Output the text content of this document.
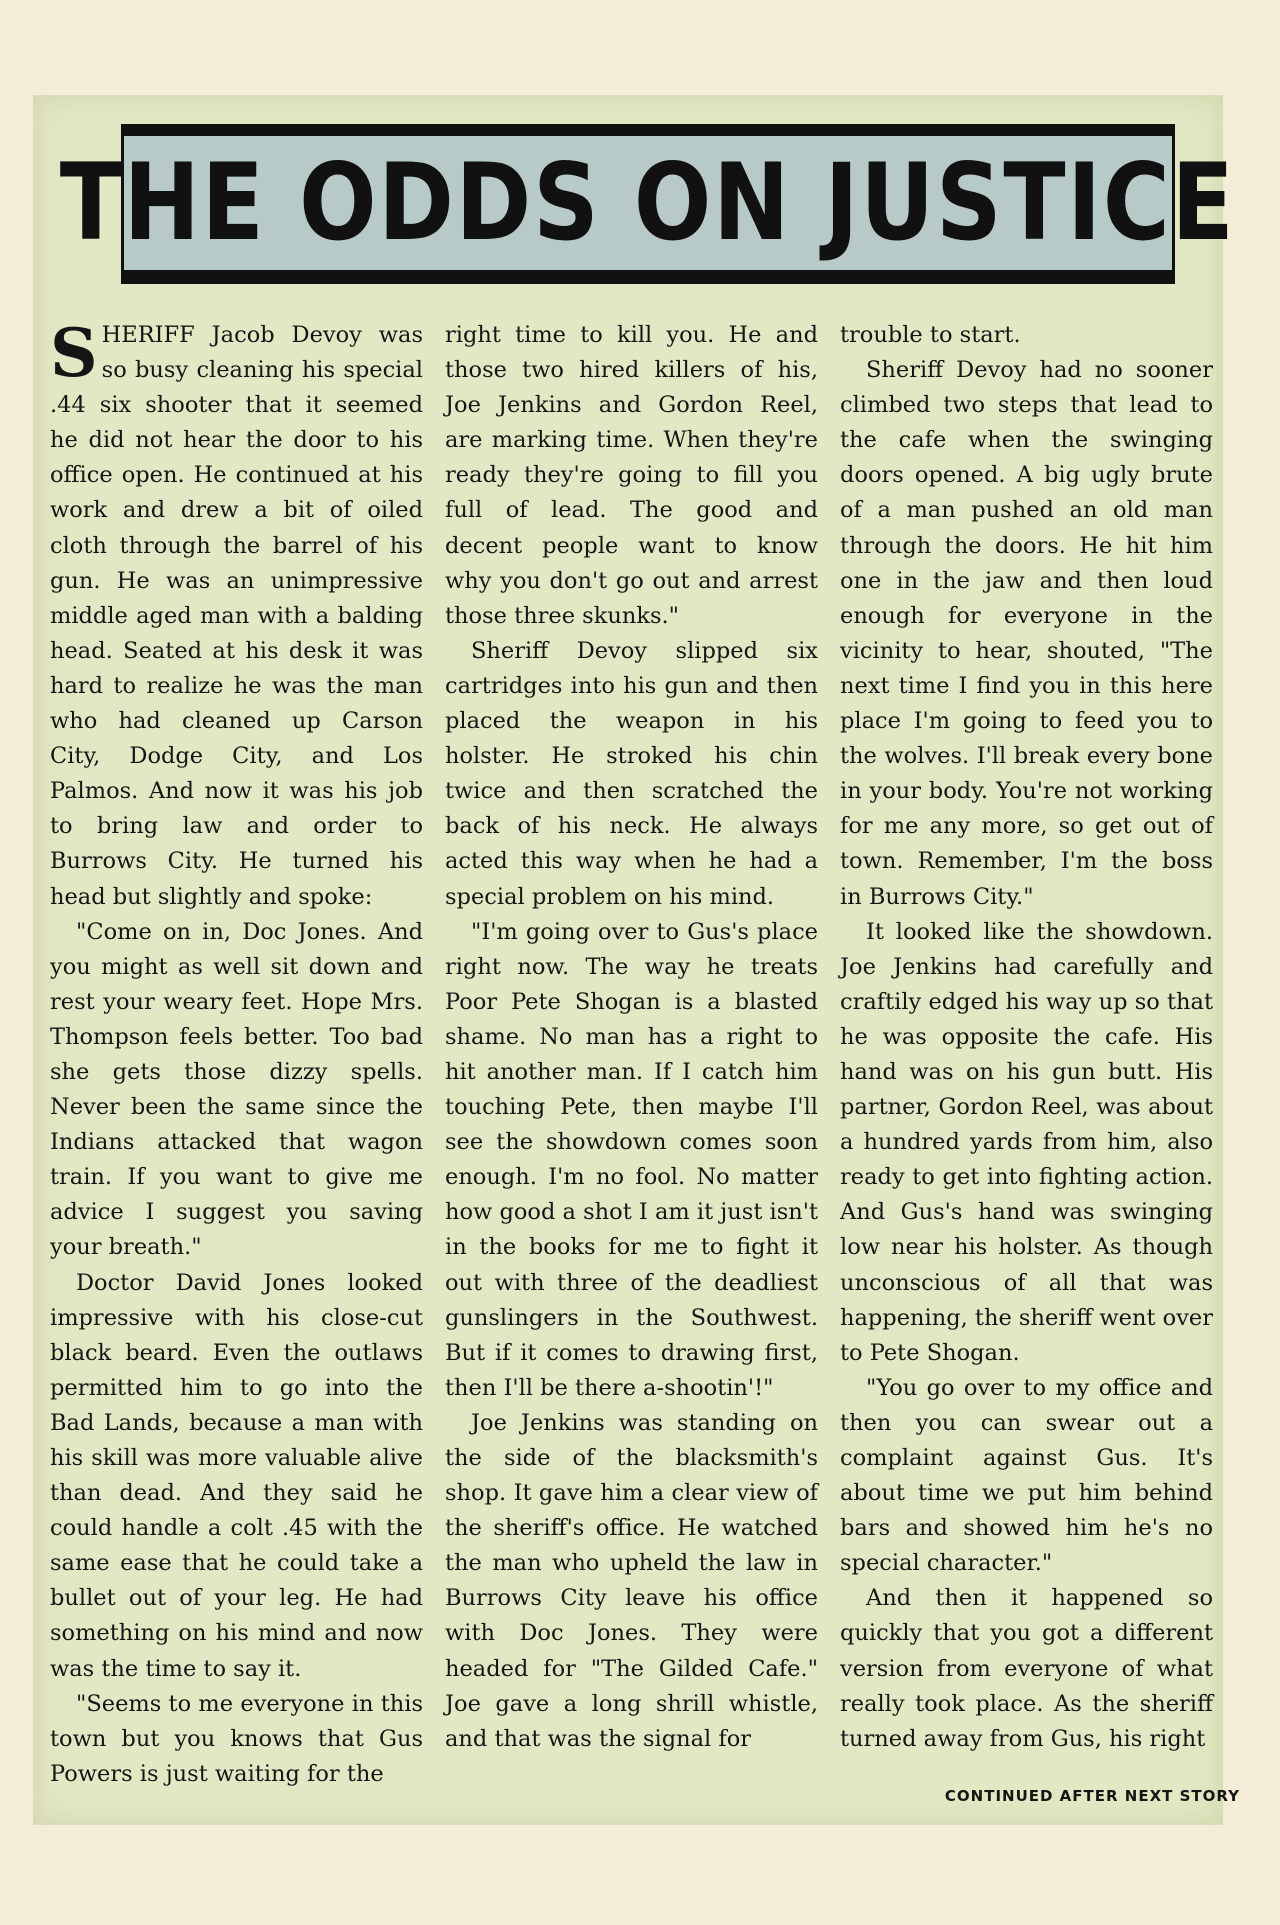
THE ODDS ON JUSTICE

SHERIFF Jacob Devoy was so busy cleaning his special .44 six shooter that it seemed he did not hear the door to his office open. He continued at his work and drew a bit of oiled cloth through the barrel of his gun. He was an unimpressive middle aged man with a balding head. Seated at his desk it was hard to realize he was the man who had cleaned up Carson City, Dodge City, and Los Palmos. And now it was his job to bring law and order to Burrows City. He turned his head but slightly and spoke:

"Come on in, Doc Jones. And you might as well sit down and rest your weary feet. Hope Mrs. Thompson feels better. Too bad she gets those dizzy spells. Never been the same since the Indians attacked that wagon train. If you want to give me advice I suggest you saving your breath."

Doctor David Jones looked impressive with his close-cut black beard. Even the outlaws permitted him to go into the Bad Lands, because a man with his skill was more valuable alive than dead. And they said he could handle a colt .45 with the same ease that he could take a bullet out of your leg. He had something on his mind and now was the time to say it.

"Seems to me everyone in this town but you knows that Gus Powers is just waiting for the

right time to kill you. He and those two hired killers of his, Joe Jenkins and Gordon Reel, are marking time. When they're ready they're going to fill you full of lead. The good and decent people want to know why you don't go out and arrest those three skunks."

Sheriff Devoy slipped six cartridges into his gun and then placed the weapon in his holster. He stroked his chin twice and then scratched the back of his neck. He always acted this way when he had a special problem on his mind.

"I'm going over to Gus's place right now. The way he treats Poor Pete Shogan is a blasted shame. No man has a right to hit another man. If I catch him touching Pete, then maybe I'll see the showdown comes soon enough. I'm no fool. No matter how good a shot I am it just isn't in the books for me to fight it out with three of the deadliest gunslingers in the Southwest. But if it comes to drawing first, then I'll be there a-shootin'!"

Joe Jenkins was standing on the side of the blacksmith's shop. It gave him a clear view of the sheriff's office. He watched the man who upheld the law in Burrows City leave his office with Doc Jones. They were headed for "The Gilded Cafe." Joe gave a long shrill whistle, and that was the signal for

trouble to start.

Sheriff Devoy had no sooner climbed two steps that lead to the cafe when the swinging doors opened. A big ugly brute of a man pushed an old man through the doors. He hit him one in the jaw and then loud enough for everyone in the vicinity to hear, shouted, "The next time I find you in this here place I'm going to feed you to the wolves. I'll break every bone in your body. You're not working for me any more, so get out of town. Remember, I'm the boss in Burrows City."

It looked like the showdown. Joe Jenkins had carefully and craftily edged his way up so that he was opposite the cafe. His hand was on his gun butt. His partner, Gordon Reel, was about a hundred yards from him, also ready to get into fighting action. And Gus's hand was swinging low near his holster. As though unconscious of all that was happening, the sheriff went over to Pete Shogan.

"You go over to my office and then you can swear out a complaint against Gus. It's about time we put him behind bars and showed him he's no special character."

And then it happened so quickly that you got a different version from everyone of what really took place. As the sheriff turned away from Gus, his right

CONTINUED AFTER NEXT STORY
